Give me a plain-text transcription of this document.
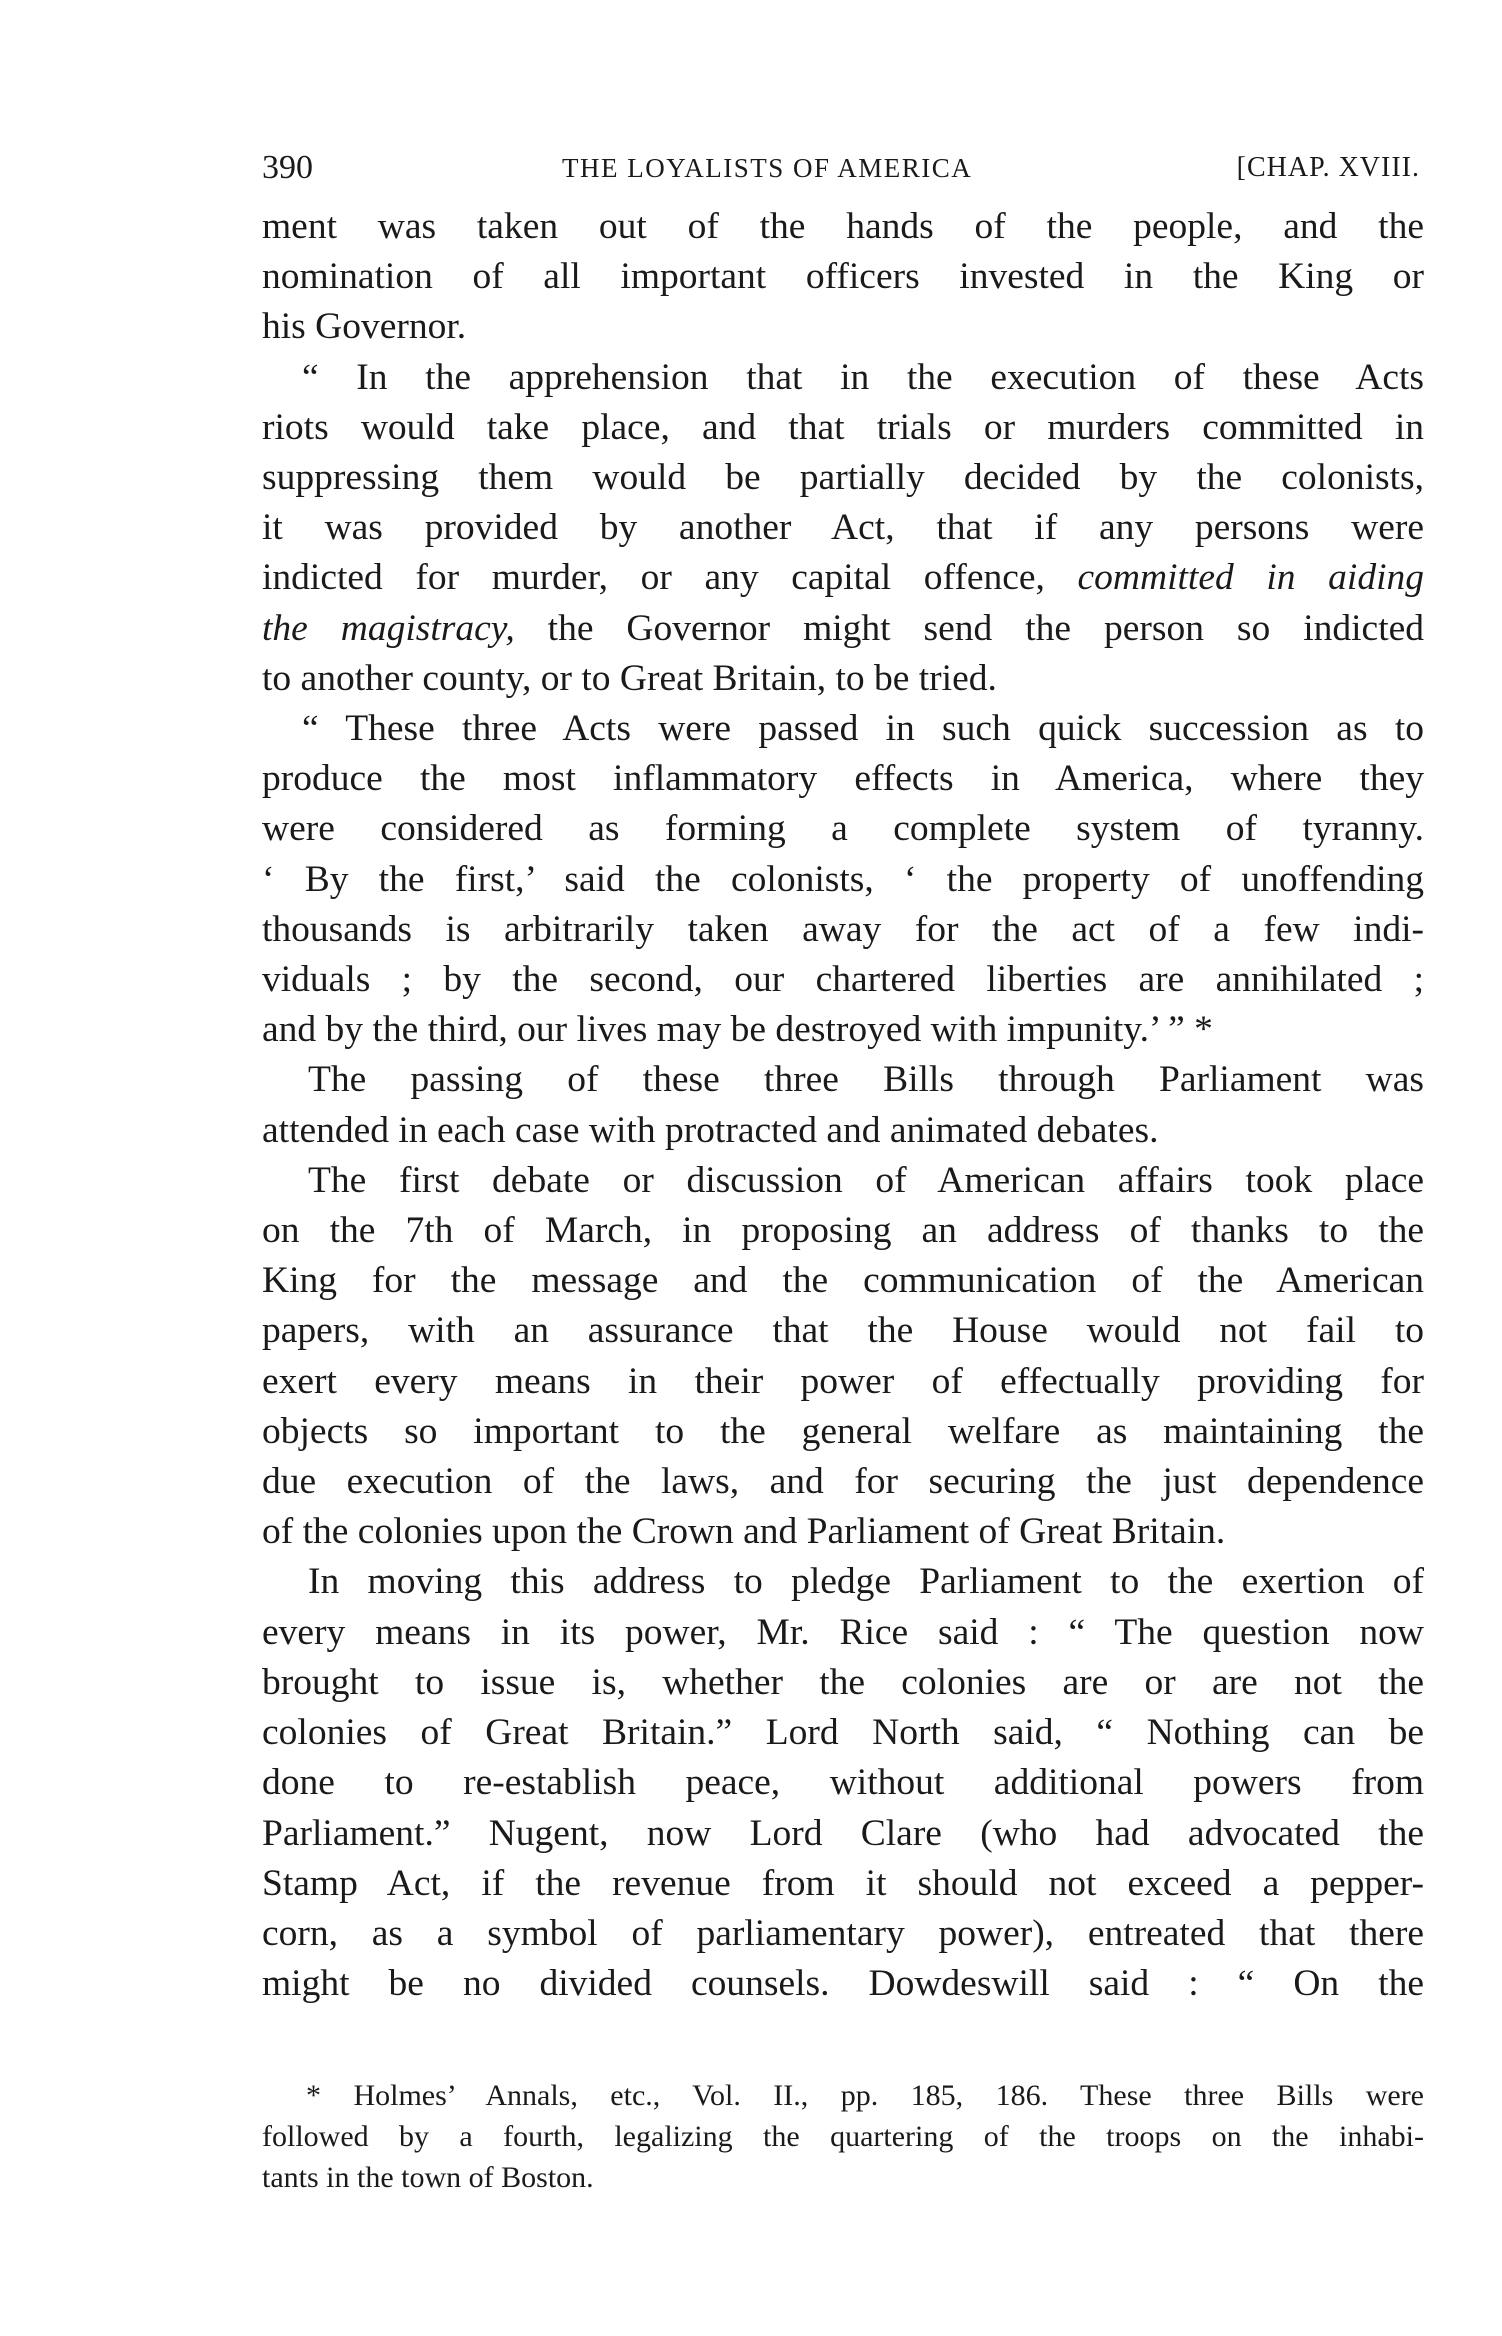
390	THE LOYALISTS OF AMERICA	[CHAP. XVIII.
ment was taken out of the hands of the people, and the
nomination of all important officers invested in the King or
his Governor.
“ In the apprehension that in the execution of these Acts
riots would take place, and that trials or murders committed in
suppressing them would be partially decided by the colonists,
it was provided by another Act, that if any persons were
indicted for murder, or any capital offence, committed in aiding
the magistracy, the Governor might send the person so indicted
to another county, or to Great Britain, to be tried.
“ These three Acts were passed in such quick succession as to
produce the most inflammatory effects in America, where they
were considered as forming a complete system of tyranny.
‘ By the first,’ said the colonists, ‘ the property of unoffending
thousands is arbitrarily taken away for the act of a few indi-
viduals ; by the second, our chartered liberties are annihilated ;
and by the third, our lives may be destroyed with impunity.’ ” *
The passing of these three Bills through Parliament was
attended in each case with protracted and animated debates.
The first debate or discussion of American affairs took place
on the 7th of March, in proposing an address of thanks to the
King for the message and the communication of the American
papers, with an assurance that the House would not fail to
exert every means in their power of effectually providing for
objects so important to the general welfare as maintaining the
due execution of the laws, and for securing the just dependence
of the colonies upon the Crown and Parliament of Great Britain.
In moving this address to pledge Parliament to the exertion of
every means in its power, Mr. Rice said : “ The question now
brought to issue is, whether the colonies are or are not the
colonies of Great Britain.” Lord North said, “ Nothing can be
done to re-establish peace, without additional powers from
Parliament.” Nugent, now Lord Clare (who had advocated the
Stamp Act, if the revenue from it should not exceed a pepper-
corn, as a symbol of parliamentary power), entreated that there
might be no divided counsels. Dowdeswill said : “ On the
* Holmes’ Annals, etc., Vol. II., pp. 185, 186. These three Bills were
followed by a fourth, legalizing the quartering of the troops on the inhabi-
tants in the town of Boston.
